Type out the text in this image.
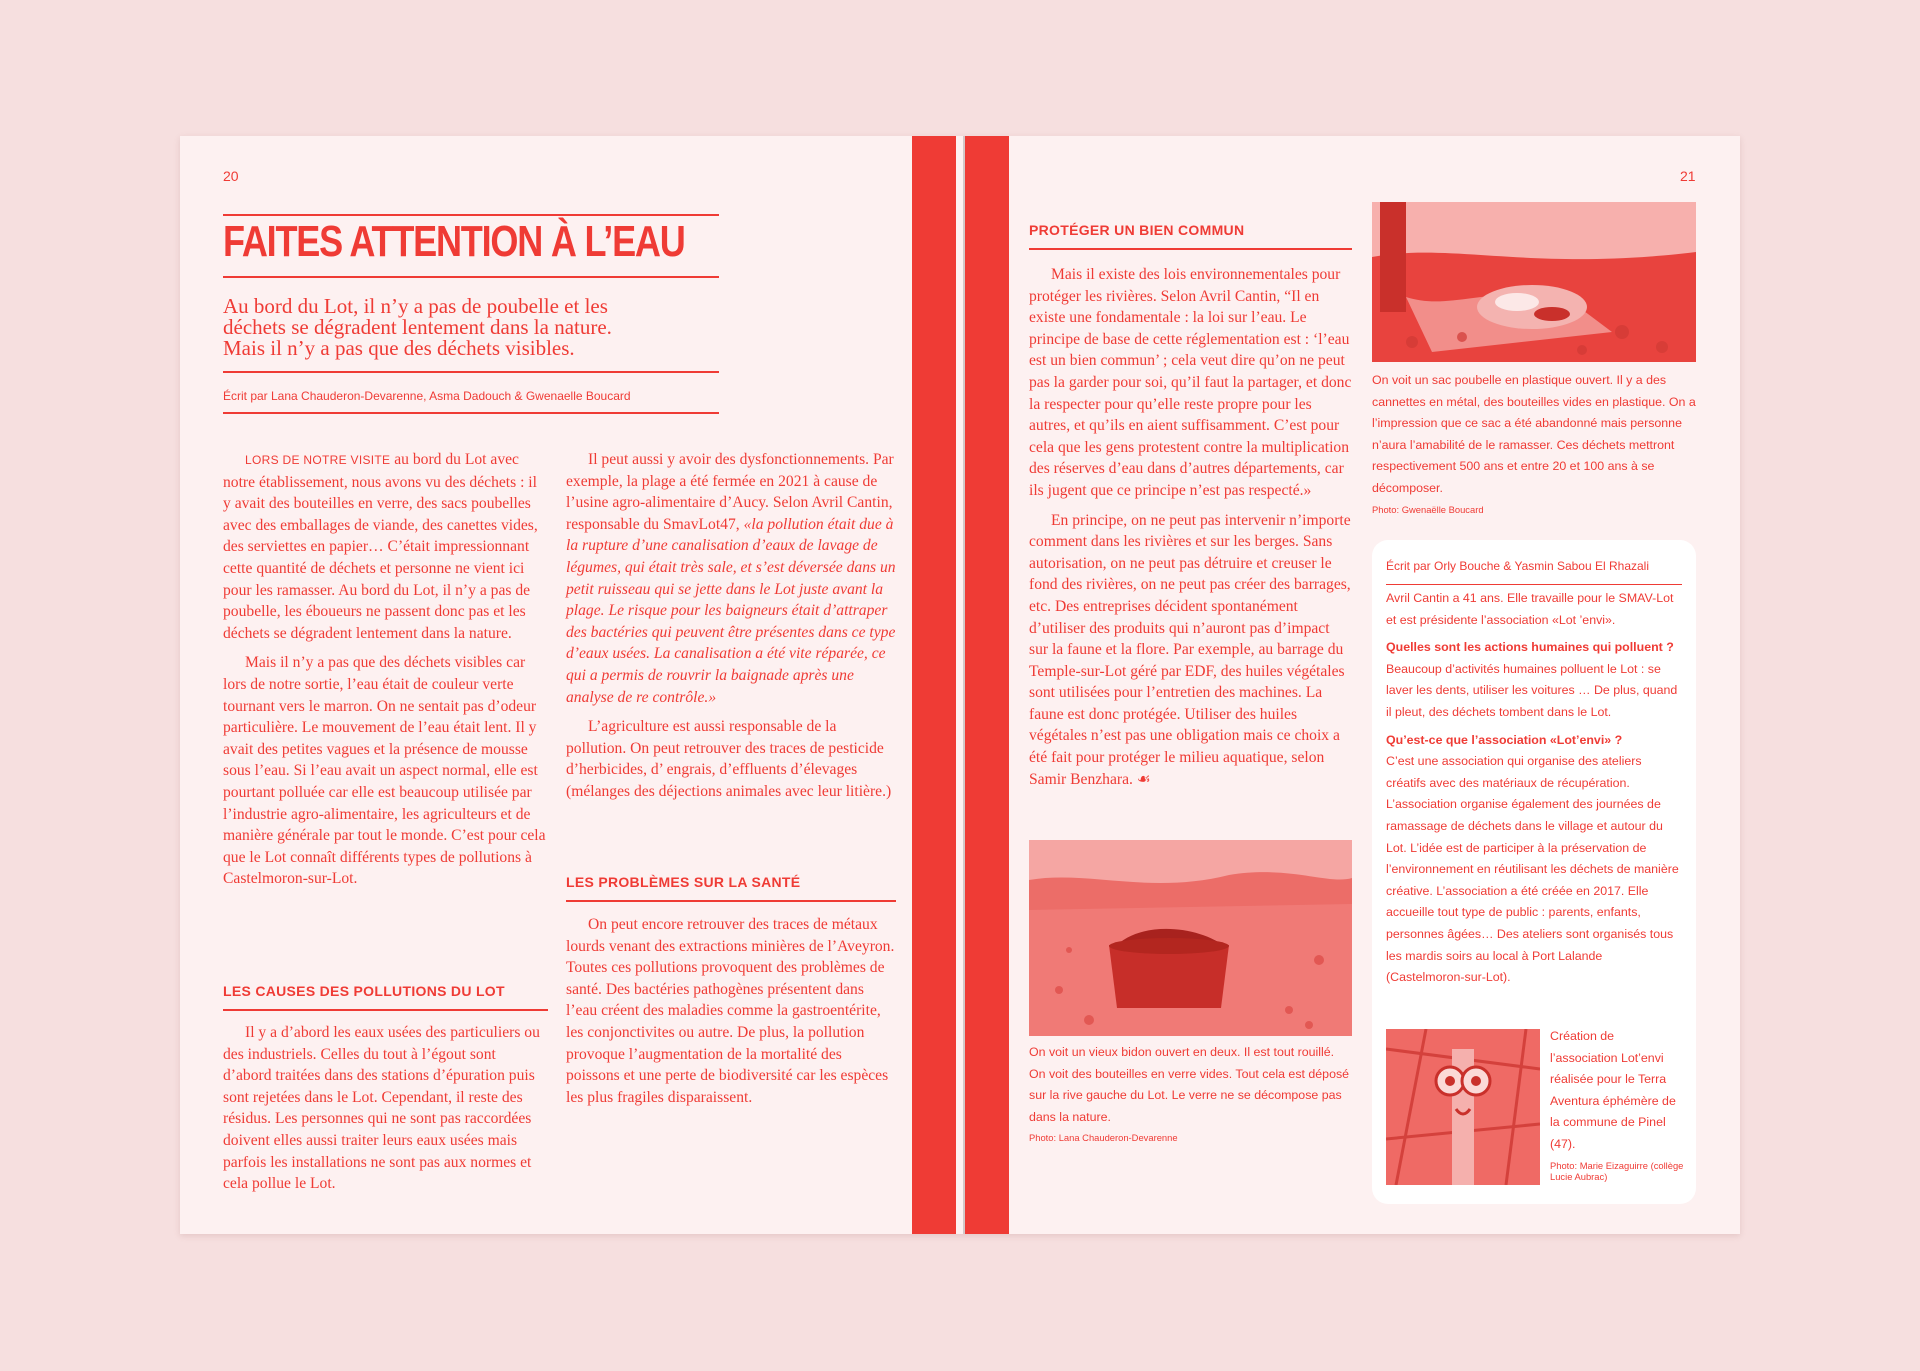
20
FAITES ATTENTION À L’EAU
Au bord du Lot, il n’y a pas de poubelle et les déchets se dégradent lentement dans la nature. Mais il n’y a pas que des déchets visibles.
Écrit par Lana Chauderon-Devarenne, Asma Dadouch & Gwenaelle Boucard

LORS DE NOTRE VISITE au bord du Lot avec notre établissement, nous avons vu des déchets : il y avait des bouteilles en verre, des sacs poubelles avec des emballages de viande, des canettes vides, des serviettes en papier… C’était impressionnant cette quantité de déchets et personne ne vient ici pour les ramasser. Au bord du Lot, il n’y a pas de poubelle, les éboueurs ne passent donc pas et les déchets se dégradent lentement dans la nature.

Mais il n’y a pas que des déchets visibles car lors de notre sortie, l’eau était de couleur verte tournant vers le marron. On ne sentait pas d’odeur particulière. Le mouvement de l’eau était lent. Il y avait des petites vagues et la présence de mousse sous l’eau. Si l’eau avait un aspect normal, elle est pourtant polluée car elle est beaucoup utilisée par l’industrie agro-alimentaire, les agriculteurs et de manière générale par tout le monde. C’est pour cela que le Lot connaît différents types de pollutions à Castelmoron-sur-Lot.

LES CAUSES DES POLLUTIONS DU LOT

Il y a d’abord les eaux usées des particuliers ou des industriels. Celles du tout à l’égout sont d’abord traitées dans des stations d’épuration puis sont rejetées dans le Lot. Cependant, il reste des résidus. Les personnes qui ne sont pas raccordées doivent elles aussi traiter leurs eaux usées mais parfois les installations ne sont pas aux normes et cela pollue le Lot.

Il peut aussi y avoir des dysfonctionnements. Par exemple, la plage a été fermée en 2021 à cause de l’usine agro-alimentaire d’Aucy. Selon Avril Cantin, responsable du SmavLot47, «la pollution était due à la rupture d’une canalisation d’eaux de lavage de légumes, qui était très sale, et s’est déversée dans un petit ruisseau qui se jette dans le Lot juste avant la plage. Le risque pour les baigneurs était d’attraper des bactéries qui peuvent être présentes dans ce type d’eaux usées. La canalisation a été vite réparée, ce qui a permis de rouvrir la baignade après une analyse de re contrôle.»

L’agriculture est aussi responsable de la pollution. On peut retrouver des traces de pesticide d’herbicides, d’ engrais, d’effluents d’élevages (mélanges des déjections animales avec leur litière.)

LES PROBLÈMES SUR LA SANTÉ

On peut encore retrouver des traces de métaux lourds venant des extractions minières de l’Aveyron. Toutes ces pollutions provoquent des problèmes de santé. Des bactéries pathogènes présentent dans l’eau créent des maladies comme la gastroentérite, les conjonctivites ou autre. De plus, la pollution provoque l’augmentation de la mortalité des poissons et une perte de biodiversité car les espèces les plus fragiles disparaissent.

21
PROTÉGER UN BIEN COMMUN

Mais il existe des lois environnementales pour protéger les rivières. Selon Avril Cantin, “Il en existe une fondamentale : la loi sur l’eau. Le principe de base de cette réglementation est : ‘l’eau est un bien commun’ ; cela veut dire qu’on ne peut pas la garder pour soi, qu’il faut la partager, et donc la respecter pour qu’elle reste propre pour les autres, et qu’ils en aient suffisamment. C’est pour cela que les gens protestent contre la multiplication des réserves d’eau dans d’autres départements, car ils jugent que ce principe n’est pas respecté.»

En principe, on ne peut pas intervenir n’importe comment dans les rivières et sur les berges. Sans autorisation, on ne peut pas détruire et creuser le fond des rivières, on ne peut pas créer des barrages, etc. Des entreprises décident spontanément d’utiliser des produits qui n’auront pas d’impact sur la faune et la flore. Par exemple, au barrage du Temple-sur-Lot géré par EDF, des huiles végétales sont utilisées pour l’entretien des machines. La faune est donc protégée. Utiliser des huiles végétales n’est pas une obligation mais ce choix a été fait pour protéger le milieu aquatique, selon Samir Benzhara. ☙

On voit un sac poubelle en plastique ouvert. Il y a des cannettes en métal, des bouteilles vides en plastique. On a l’impression que ce sac a été abandonné mais personne n’aura l’amabilité de le ramasser. Ces déchets mettront respectivement 500 ans et entre 20 et 100 ans à se décomposer.
Photo: Gwenaëlle Boucard
On voit un vieux bidon ouvert en deux. Il est tout rouillé. On voit des bouteilles en verre vides. Tout cela est déposé sur la rive gauche du Lot. Le verre ne se décompose pas dans la nature.
Photo: Lana Chauderon-Devarenne
Écrit par Orly Bouche & Yasmin Sabou El Rhazali

Avril Cantin a 41 ans. Elle travaille pour le SMAV-Lot et est présidente l’association «Lot ’envi».

Quelles sont les actions humaines qui polluent ?

Beaucoup d’activités humaines polluent le Lot : se laver les dents, utiliser les voitures … De plus, quand il pleut, des déchets tombent dans le Lot.

Qu’est-ce que l’association «Lot’envi» ?

C’est une association qui organise des ateliers créatifs avec des matériaux de récupération. L’association organise également des journées de ramassage de déchets dans le village et autour du Lot. L’idée est de participer à la préservation de l’environnement en réutilisant les déchets de manière créative. L’association a été créée en 2017. Elle accueille tout type de public : parents, enfants, personnes âgées… Des ateliers sont organisés tous les mardis soirs au local à Port Lalande (Castelmoron-sur-Lot).

Création de l’association Lot’envi réalisée pour le Terra Aventura éphémère de la commune de Pinel (47).
Photo: Marie Eizaguirre (collège Lucie Aubrac)
